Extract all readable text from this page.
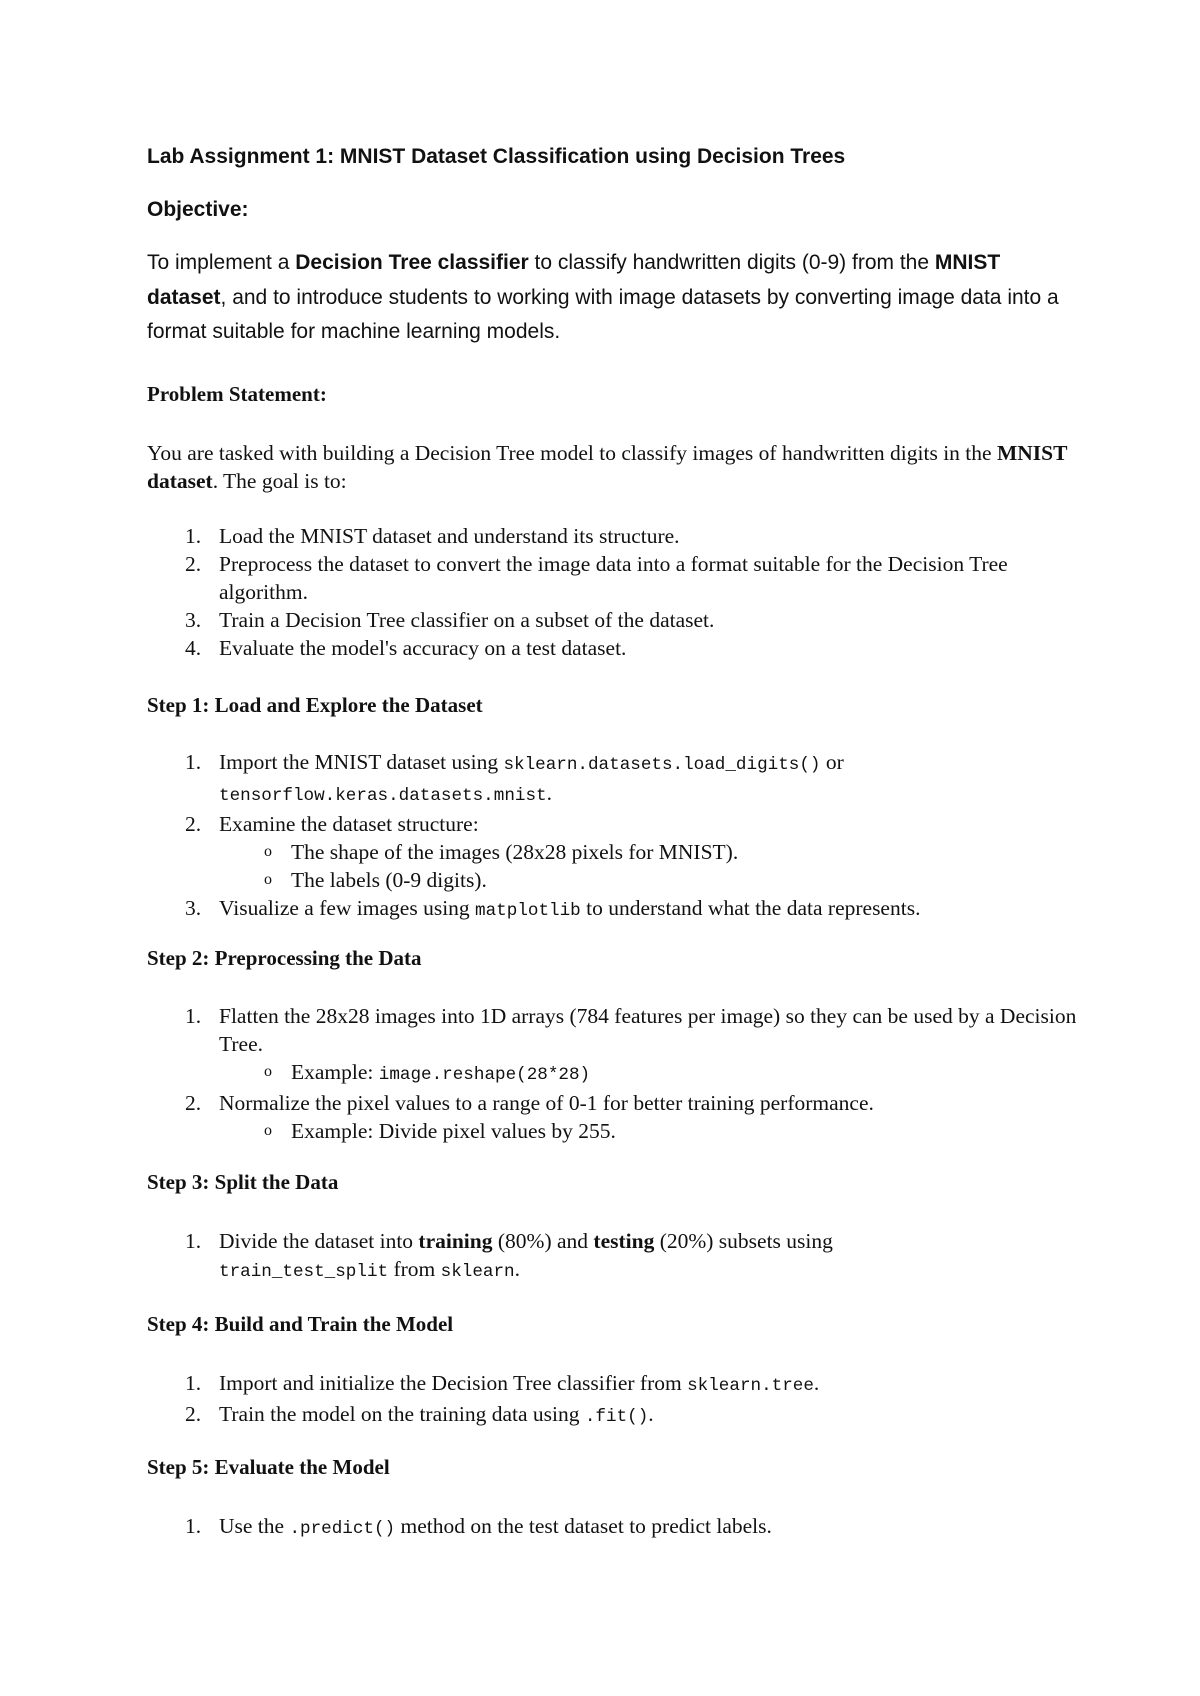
Lab Assignment 1: MNIST Dataset Classification using Decision Trees
Objective:
To implement a Decision Tree classifier to classify handwritten digits (0-9) from the MNIST dataset, and to introduce students to working with image datasets by converting image data into a format suitable for machine learning models.
Problem Statement:
You are tasked with building a Decision Tree model to classify images of handwritten digits in the MNIST dataset. The goal is to:
1. Load the MNIST dataset and understand its structure.
2. Preprocess the dataset to convert the image data into a format suitable for the Decision Tree algorithm.
3. Train a Decision Tree classifier on a subset of the dataset.
4. Evaluate the model's accuracy on a test dataset.
Step 1: Load and Explore the Dataset
1. Import the MNIST dataset using sklearn.datasets.load_digits() or
tensorflow.keras.datasets.mnist.
2. Examine the dataset structure:
o The shape of the images (28x28 pixels for MNIST).
o The labels (0-9 digits).
3. Visualize a few images using matplotlib to understand what the data represents.
Step 2: Preprocessing the Data
1. Flatten the 28x28 images into 1D arrays (784 features per image) so they can be used by a Decision Tree.
o Example: image.reshape(28*28)
2. Normalize the pixel values to a range of 0-1 for better training performance.
o Example: Divide pixel values by 255.
Step 3: Split the Data
1. Divide the dataset into training (80%) and testing (20%) subsets using
train_test_split from sklearn.
Step 4: Build and Train the Model
1. Import and initialize the Decision Tree classifier from sklearn.tree.
2. Train the model on the training data using .fit().
Step 5: Evaluate the Model
1. Use the .predict() method on the test dataset to predict labels.
